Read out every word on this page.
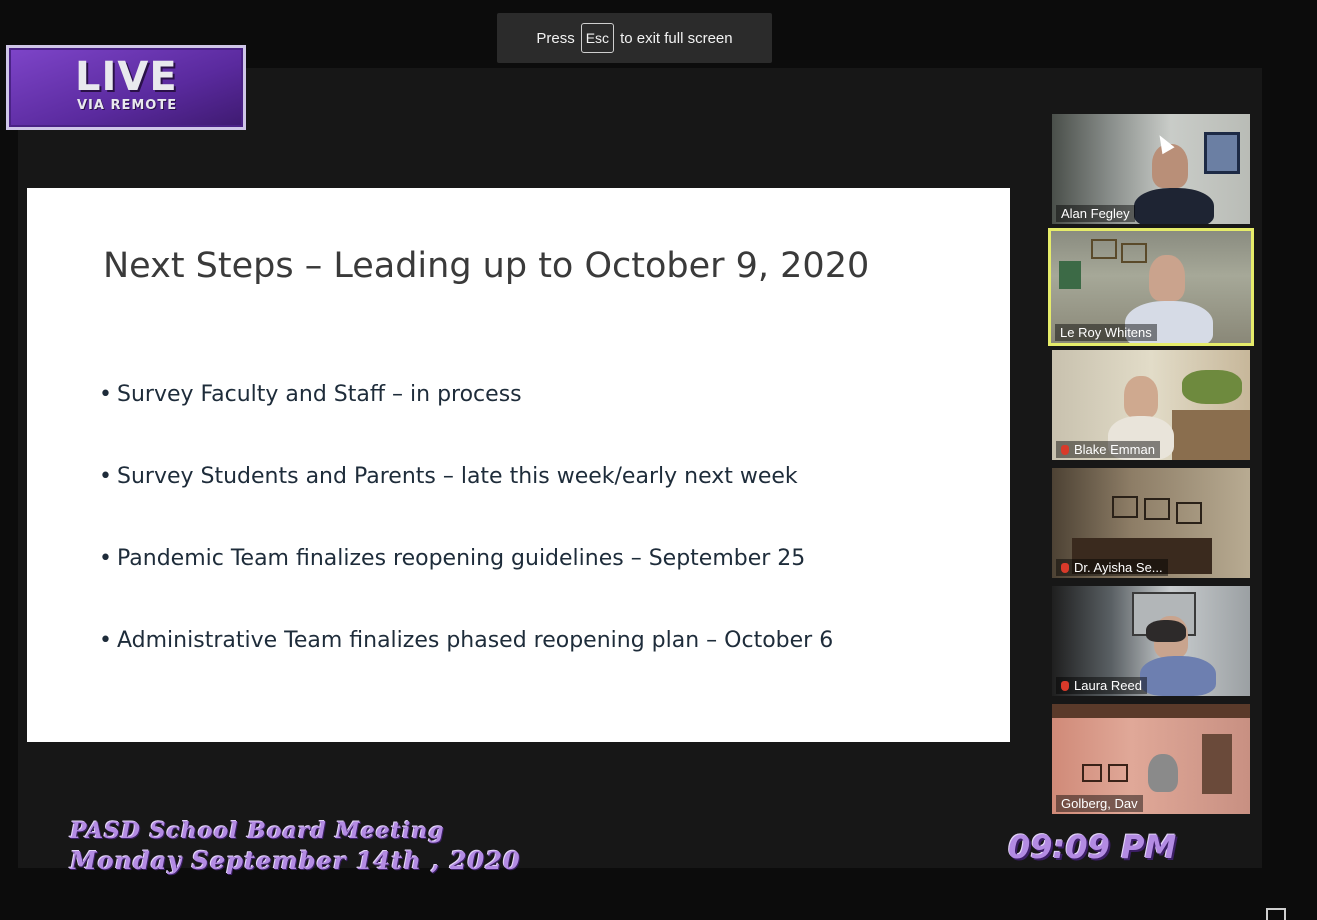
Press Esc to exit full screen
LIVE
VIA REMOTE
Next Steps – Leading up to October 9, 2020
• Survey Faculty and Staff – in process
• Survey Students and Parents – late this week/early next week
• Pandemic Team finalizes reopening guidelines – September 25
• Administrative Team finalizes phased reopening plan – October 6
Alan Fegley
Le Roy Whitens
Blake Emman
Dr. Ayisha Se...
Laura Reed
Golberg, Dav
PASD School Board Meeting
Monday September 14th , 2020	09:09 PM
